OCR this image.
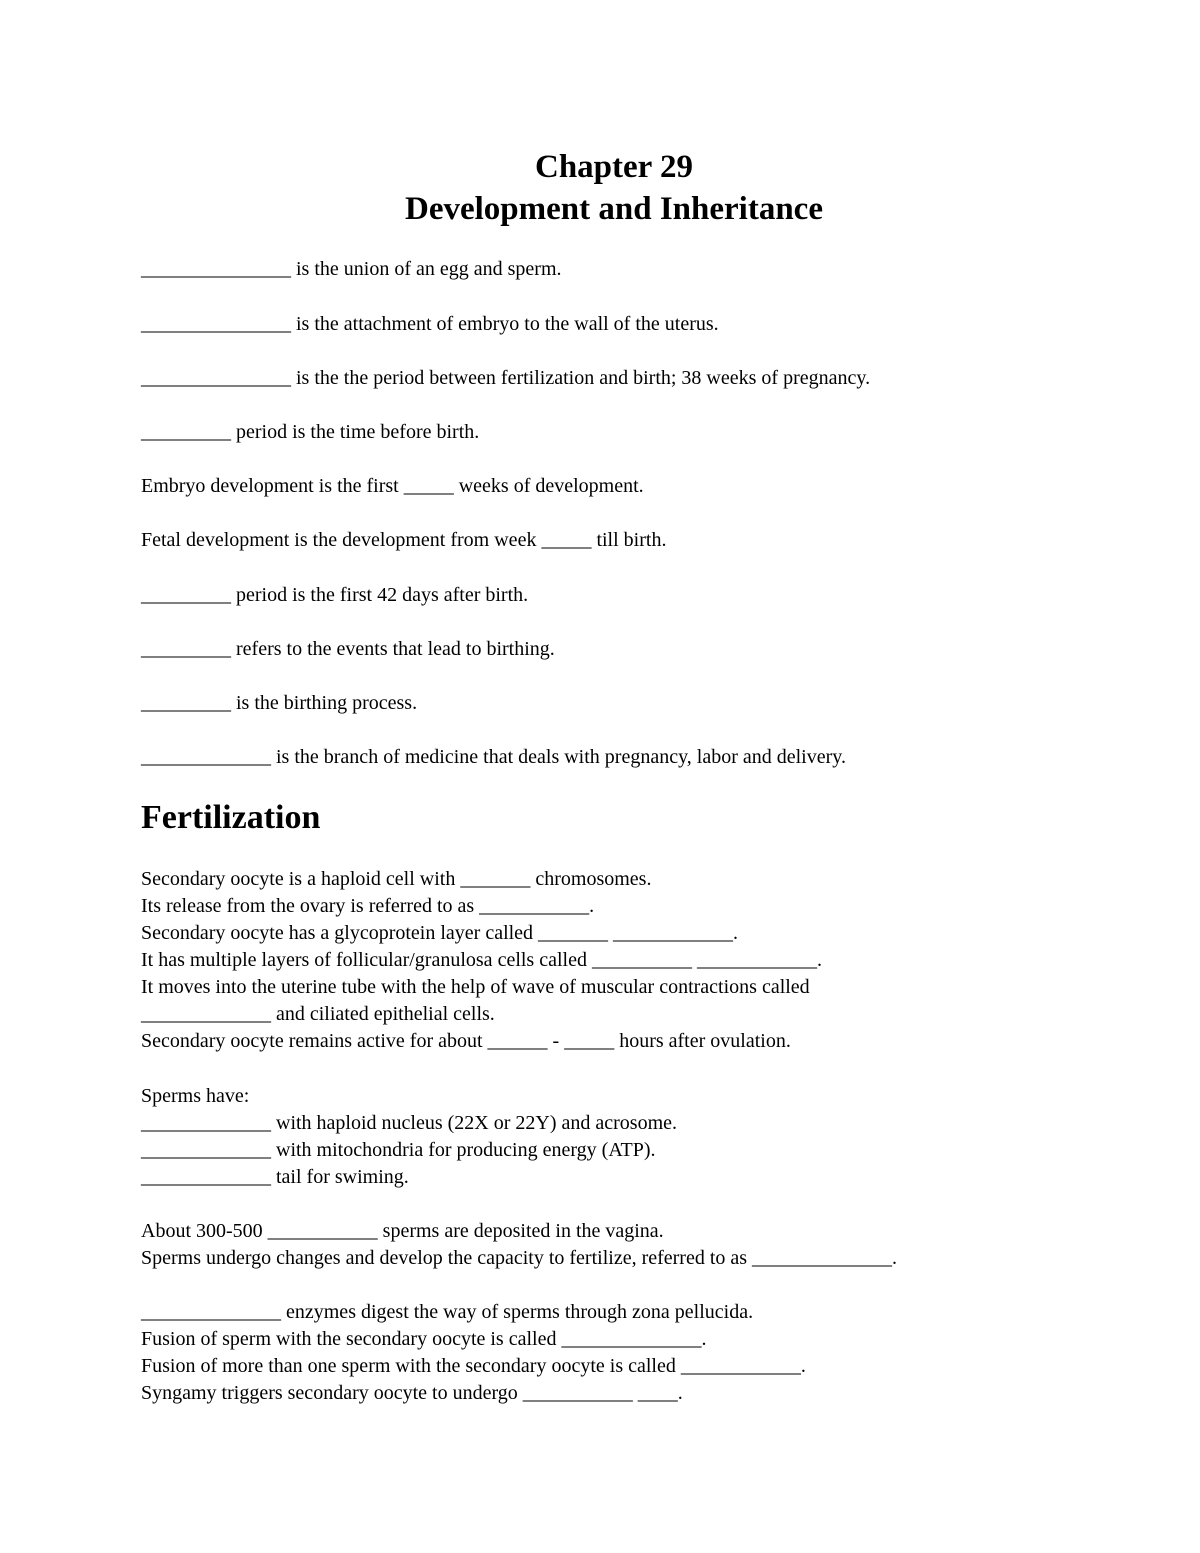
Chapter 29
Development and Inheritance
_______________ is the union of an egg and sperm.
_______________ is the attachment of embryo to the wall of the uterus.
_______________ is the the period between fertilization and birth; 38 weeks of pregnancy.
_________ period is the time before birth.
Embryo development is the first _____ weeks of development.
Fetal development is the development from week _____ till birth.
_________ period is the first 42 days after birth.
_________ refers to the events that lead to birthing.
_________ is the birthing process.
_____________ is the branch of medicine that deals with pregnancy, labor and delivery.
Fertilization
Secondary oocyte is a haploid cell with _______ chromosomes.
Its release from the ovary is referred to as ___________.
Secondary oocyte has a glycoprotein layer called _______ ____________.
It has multiple layers of follicular/granulosa cells called __________ ____________.
It moves into the uterine tube with the help of wave of muscular contractions called
_____________ and ciliated epithelial cells.
Secondary oocyte remains active for about ______ - _____ hours after ovulation.
Sperms have:
_____________ with haploid nucleus (22X or 22Y) and acrosome.
_____________ with mitochondria for producing energy (ATP).
_____________ tail for swiming.
About 300-500 ___________ sperms are deposited in the vagina.
Sperms undergo changes and develop the capacity to fertilize, referred to as ______________.
______________ enzymes digest the way of sperms through zona pellucida.
Fusion of sperm with the secondary oocyte is called ______________.
Fusion of more than one sperm with the secondary oocyte is called ____________.
Syngamy triggers secondary oocyte to undergo ___________ ____.
